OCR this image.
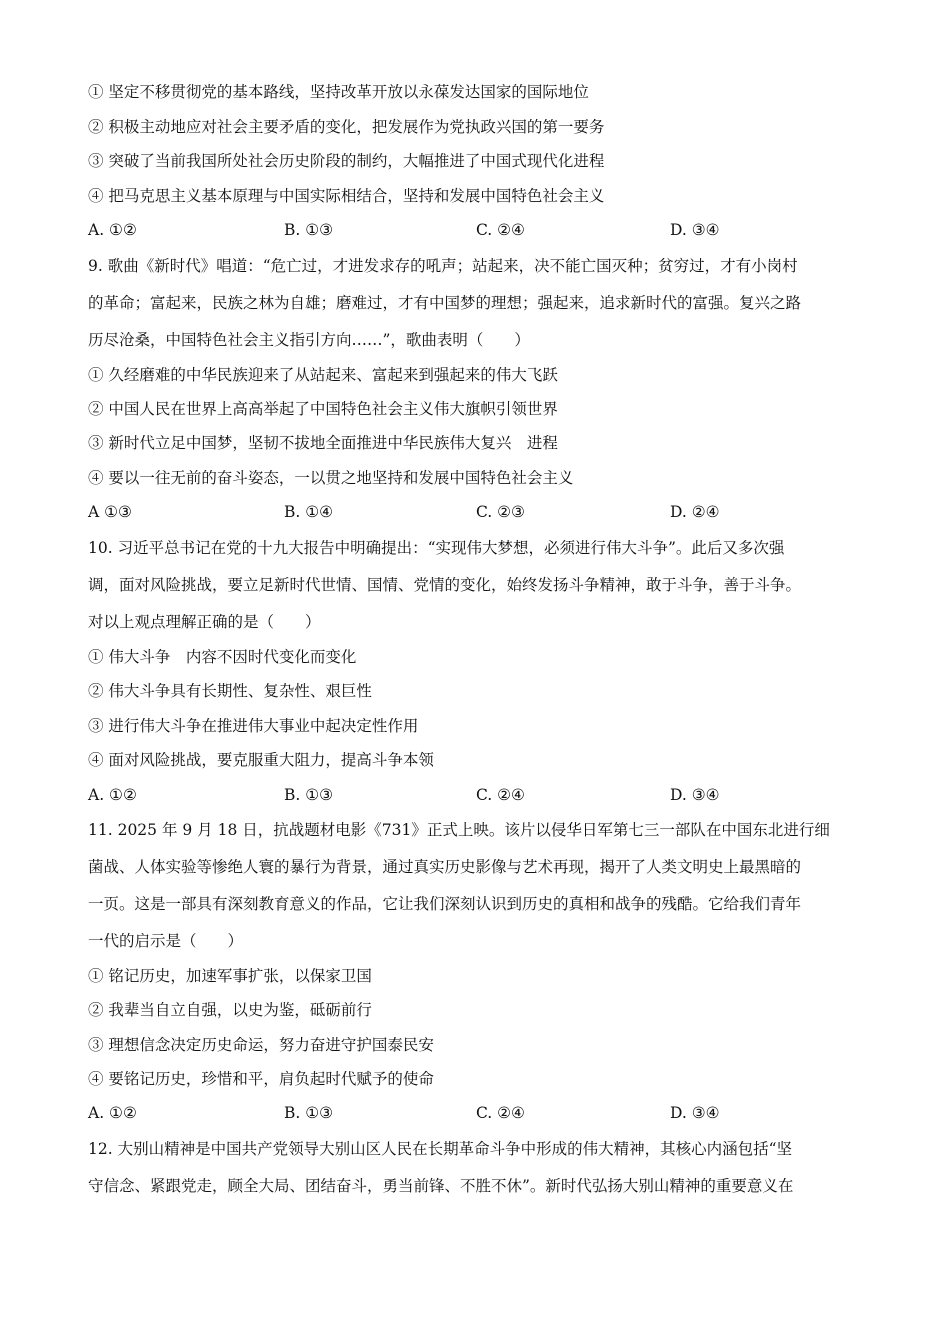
① 坚定不移贯彻党的基本路线，坚持改革开放以永葆发达国家的国际地位
② 积极主动地应对社会主要矛盾的变化，把发展作为党执政兴国的第一要务
③ 突破了当前我国所处社会历史阶段的制约，大幅推进了中国式现代化进程
④ 把马克思主义基本原理与中国实际相结合，坚持和发展中国特色社会主义
A. ①②	B. ①③	C. ②④	D. ③④
9. 歌曲《新时代》唱道：“危亡过，才进发求存的吼声；站起来，决不能亡国灭种；贫穷过，才有小岗村
的革命；富起来，民族之林为自雄；磨难过，才有中国梦的理想；强起来，追求新时代的富强。复兴之路
历尽沧桑，中国特色社会主义指引方向……”，歌曲表明（　　）
① 久经磨难的中华民族迎来了从站起来、富起来到强起来的伟大飞跃
② 中国人民在世界上高高举起了中国特色社会主义伟大旗帜引领世界
③ 新时代立足中国梦，坚韧不拔地全面推进中华民族伟大复兴　进程
④ 要以一往无前的奋斗姿态，一以贯之地坚持和发展中国特色社会主义
A ①③	B. ①④	C. ②③	D. ②④
10. 习近平总书记在党的十九大报告中明确提出：“实现伟大梦想，必须进行伟大斗争”。此后又多次强
调，面对风险挑战，要立足新时代世情、国情、党情的变化，始终发扬斗争精神，敢于斗争，善于斗争。
对以上观点理解正确的是（　　）
① 伟大斗争　内容不因时代变化而变化
② 伟大斗争具有长期性、复杂性、艰巨性
③ 进行伟大斗争在推进伟大事业中起决定性作用
④ 面对风险挑战，要克服重大阻力，提高斗争本领
A. ①②	B. ①③	C. ②④	D. ③④
11. 2025 年 9 月 18 日，抗战题材电影《731》正式上映。该片以侵华日军第七三一部队在中国东北进行细
菌战、人体实验等惨绝人寰的暴行为背景，通过真实历史影像与艺术再现，揭开了人类文明史上最黑暗的
一页。这是一部具有深刻教育意义的作品，它让我们深刻认识到历史的真相和战争的残酷。它给我们青年
一代的启示是（　　）
① 铭记历史，加速军事扩张，以保家卫国
② 我辈当自立自强，以史为鉴，砥砺前行
③ 理想信念决定历史命运，努力奋进守护国泰民安
④ 要铭记历史，珍惜和平，肩负起时代赋予的使命
A. ①②	B. ①③	C. ②④	D. ③④
12. 大别山精神是中国共产党领导大别山区人民在长期革命斗争中形成的伟大精神，其核心内涵包括“坚
守信念、紧跟党走，顾全大局、团结奋斗，勇当前锋、不胜不休”。新时代弘扬大别山精神的重要意义在
